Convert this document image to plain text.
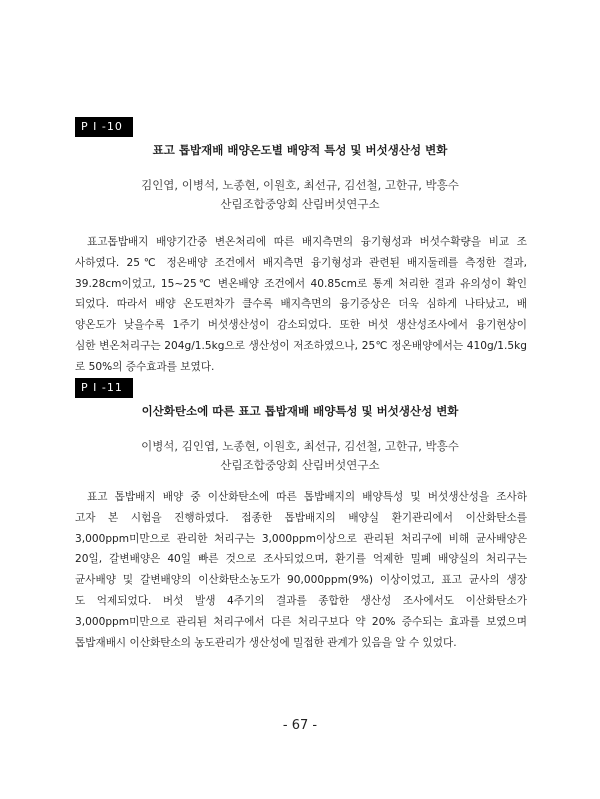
P I -10
표고 톱밥재배 배양온도별 배양적 특성 및 버섯생산성 변화
김인엽, 이병석, 노종현, 이원호, 최선규, 김선철, 고한규, 박흥수
산림조합중앙회 산림버섯연구소
표고톱밥배지 배양기간중 변온처리에 따른 배지측면의 융기형성과 버섯수확량을 비교 조
사하였다. 25℃ 정온배양 조건에서 배지측면 융기형성과 관련된 배지둘레를 측정한 결과,
39.28cm이었고, 15~25℃ 변온배양 조건에서 40.85cm로 통계 처리한 결과 유의성이 확인
되었다. 따라서 배양 온도편차가 클수록 배지측면의 융기증상은 더욱 심하게 나타났고, 배
양온도가 낮을수록 1주기 버섯생산성이 감소되었다. 또한 버섯 생산성조사에서 융기현상이
심한 변온처리구는 204g/1.5kg으로 생산성이 저조하였으나, 25℃ 정온배양에서는 410g/1.5kg
로 50%의 증수효과를 보였다.
P I -11
이산화탄소에 따른 표고 톱밥재배 배양특성 및 버섯생산성 변화
이병석, 김인엽, 노종현, 이원호, 최선규, 김선철, 고한규, 박흥수
산림조합중앙회 산림버섯연구소
표고 톱밥배지 배양 중 이산화탄소에 따른 톱밥배지의 배양특성 및 버섯생산성을 조사하
고자 본 시험을 진행하였다. 접종한 톱밥배지의 배양실 환기관리에서 이산화탄소를
3,000ppm미만으로 관리한 처리구는 3,000ppm이상으로 관리된 처리구에 비해 균사배양은
20일, 갈변배양은 40일 빠른 것으로 조사되었으며, 환기를 억제한 밀폐 배양실의 처리구는
균사배양 및 갈변배양의 이산화탄소농도가 90,000ppm(9%) 이상이었고, 표고 균사의 생장
도 억제되었다. 버섯 발생 4주기의 결과를 종합한 생산성 조사에서도 이산화탄소가
3,000ppm미만으로 관리된 처리구에서 다른 처리구보다 약 20% 증수되는 효과를 보였으며
톱밥재배시 이산화탄소의 농도관리가 생산성에 밀접한 관계가 있음을 알 수 있었다.
- 67 -
